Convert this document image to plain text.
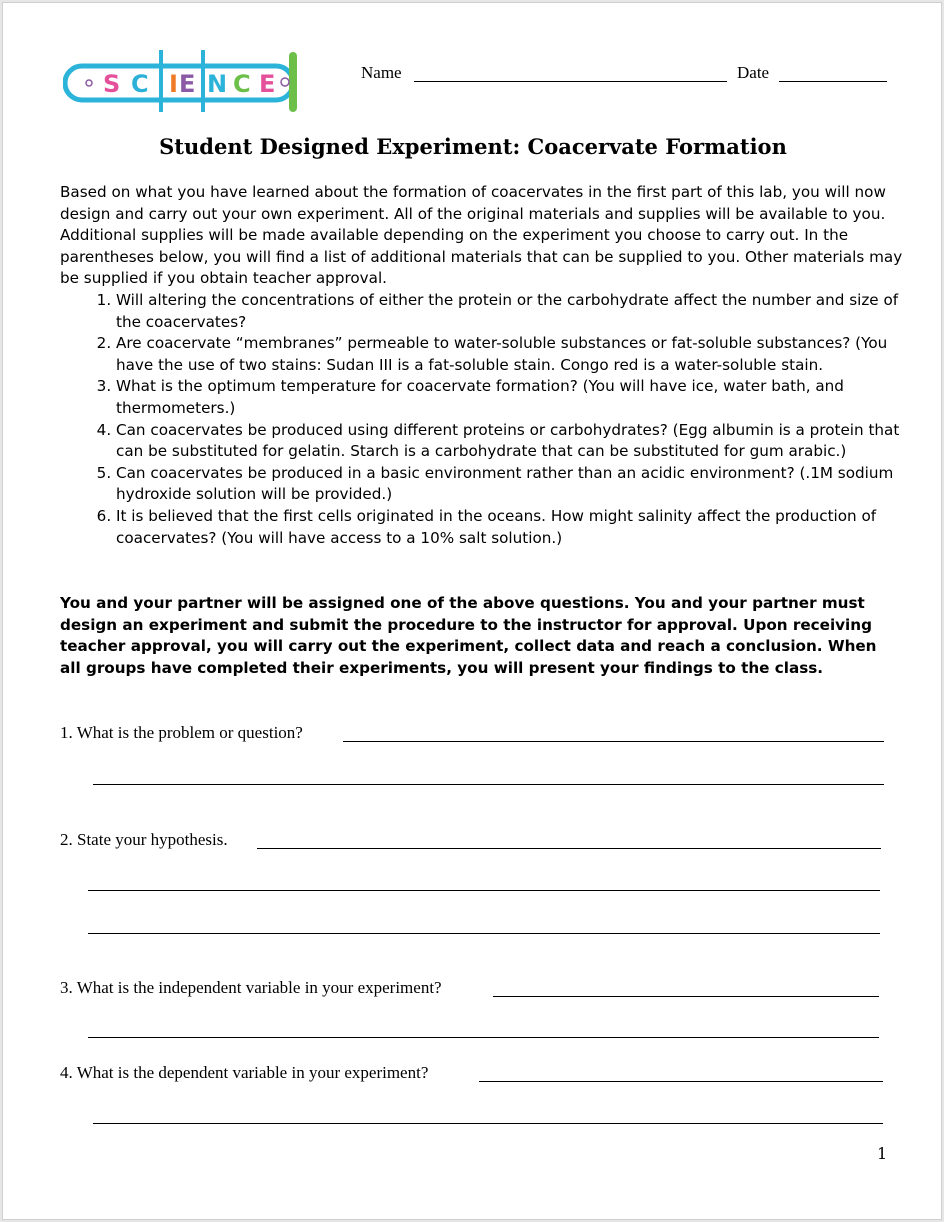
S C I E N C E	Name	Date
Student Designed Experiment: Coacervate Formation

Based on what you have learned about the formation of coacervates in the first part of this lab, you will now design and carry out your own experiment. All of the original materials and supplies will be available to you. Additional supplies will be made available depending on the experiment you choose to carry out. In the parentheses below, you will find a list of additional materials that can be supplied to you. Other materials may be supplied if you obtain teacher approval.

1. Will altering the concentrations of either the protein or the carbohydrate affect the number and size of the coacervates?
2. Are coacervate “membranes” permeable to water-soluble substances or fat-soluble substances? (You have the use of two stains: Sudan III is a fat-soluble stain. Congo red is a water-soluble stain.
3. What is the optimum temperature for coacervate formation? (You will have ice, water bath, and thermometers.)
4. Can coacervates be produced using different proteins or carbohydrates? (Egg albumin is a protein that can be substituted for gelatin. Starch is a carbohydrate that can be substituted for gum arabic.)
5. Can coacervates be produced in a basic environment rather than an acidic environment? (.1M sodium hydroxide solution will be provided.)
6. It is believed that the first cells originated in the oceans. How might salinity affect the production of coacervates? (You will have access to a 10% salt solution.)
You and your partner will be assigned one of the above questions. You and your partner must design an experiment and submit the procedure to the instructor for approval. Upon receiving teacher approval, you will carry out the experiment, collect data and reach a conclusion. When all groups have completed their experiments, you will present your findings to the class.
1. What is the problem or question?
2. State your hypothesis.
3. What is the independent variable in your experiment?
4. What is the dependent variable in your experiment?
1
